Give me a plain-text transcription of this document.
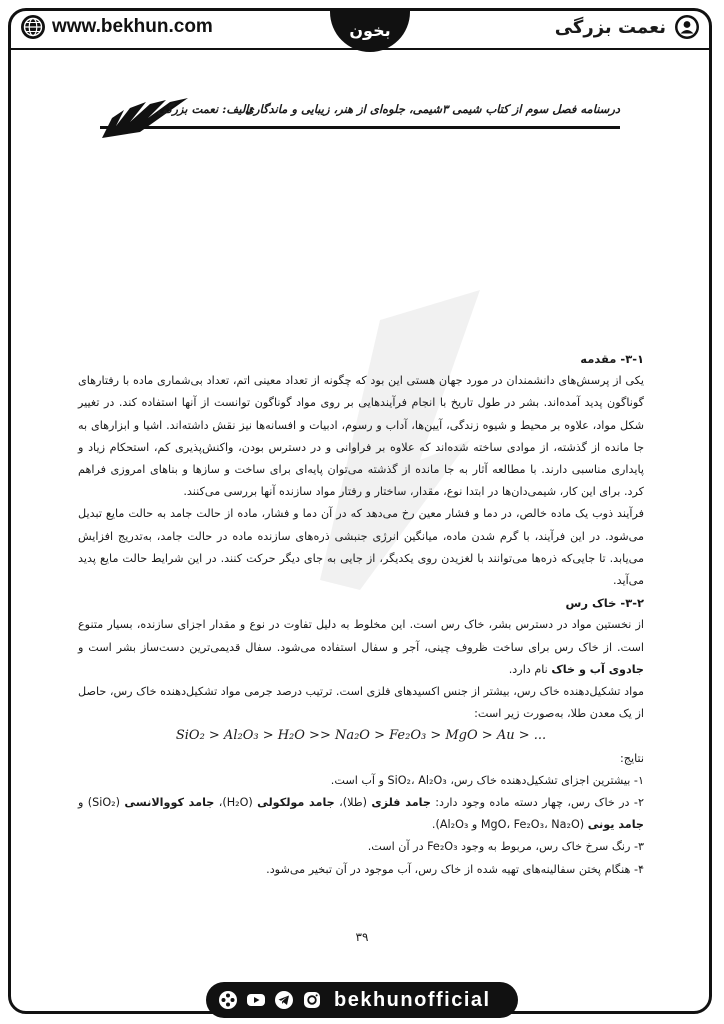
www.bekhun.com	بخون	نعمت بزرگی
درسنامه فصل سوم از کتاب شیمی ۳
شیمی، جلوه‌ای از هنر، زیبایی و ماندگاری
تالیف: نعمت بزرگی

۳-۱- مقدمه

یکی از پرسش‌های دانشمندان در مورد جهان هستی این بود که چگونه از تعداد معینی اتم، تعداد بی‌شماری ماده با رفتارهای گوناگون پدید آمده‌اند. بشر در طول تاریخ با انجام فرآیندهایی بر روی مواد گوناگون توانست از آنها استفاده کند. در تغییر شکل مواد، علاوه بر محیط و شیوه زندگی، آیین‌ها، آداب و رسوم، ادبیات و افسانه‌ها نیز نقش داشته‌اند. اشیا و ابزارهای به جا مانده از گذشته، از موادی ساخته شده‌اند که علاوه بر فراوانی و در دسترس بودن، واکنش‌پذیری کم، استحکام زیاد و پایداری مناسبی دارند. با مطالعه آثار به جا مانده از گذشته می‌توان پایه‌ای برای ساخت و سازها و بناهای امروزی فراهم کرد. برای این کار، شیمی‌دان‌ها در ابتدا نوع، مقدار، ساختار و رفتار مواد سازنده آنها بررسی می‌کنند.

فرآیند ذوب یک ماده خالص، در دما و فشار معین رخ می‌دهد که در آن دما و فشار، ماده از حالت جامد به حالت مایع تبدیل می‌شود. در این فرآیند، با گرم شدن ماده، میانگین انرژی جنبشی ذره‌های سازنده ماده در حالت جامد، به‌تدریج افزایش می‌یابد. تا جایی‌که ذره‌ها می‌توانند با لغزیدن روی یکدیگر، از جایی به جای دیگر حرکت کنند. در این شرایط حالت مایع پدید می‌آید.

۳-۲- خاک رس

از نخستین مواد در دسترس بشر، خاک رس است. این مخلوط به دلیل تفاوت در نوع و مقدار اجزای سازنده، بسیار متنوع است. از خاک رس برای ساخت ظروف چینی، آجر و سفال استفاده می‌شود. سفال قدیمی‌ترین دست‌ساز بشر است و جادوی آب و خاک نام دارد.

مواد تشکیل‌دهنده خاک رس، بیشتر از جنس اکسیدهای فلزی است. ترتیب درصد جرمی مواد تشکیل‌دهنده خاک رس، حاصل از یک معدن طلا، به‌صورت زیر است:

SiO₂ > Al₂O₃ > H₂O >> Na₂O > Fe₂O₃ > MgO > Au > ...

نتایج:

۱- بیشترین اجزای تشکیل‌دهنده خاک رس، SiO₂، Al₂O₃ و آب است.

۲- در خاک رس، چهار دسته ماده وجود دارد: جامد فلزی (طلا)، جامد مولکولی (H₂O)، جامد کووالانسی (SiO₂) و جامد یونی (MgO، Fe₂O₃، Na₂O و Al₂O₃).

۳- رنگ سرخ خاک رس، مربوط به وجود Fe₂O₃ در آن است.

۴- هنگام پختن سفالینه‌های تهیه شده از خاک رس، آب موجود در آن تبخیر می‌شود.

۳۹
bekhunofficial
